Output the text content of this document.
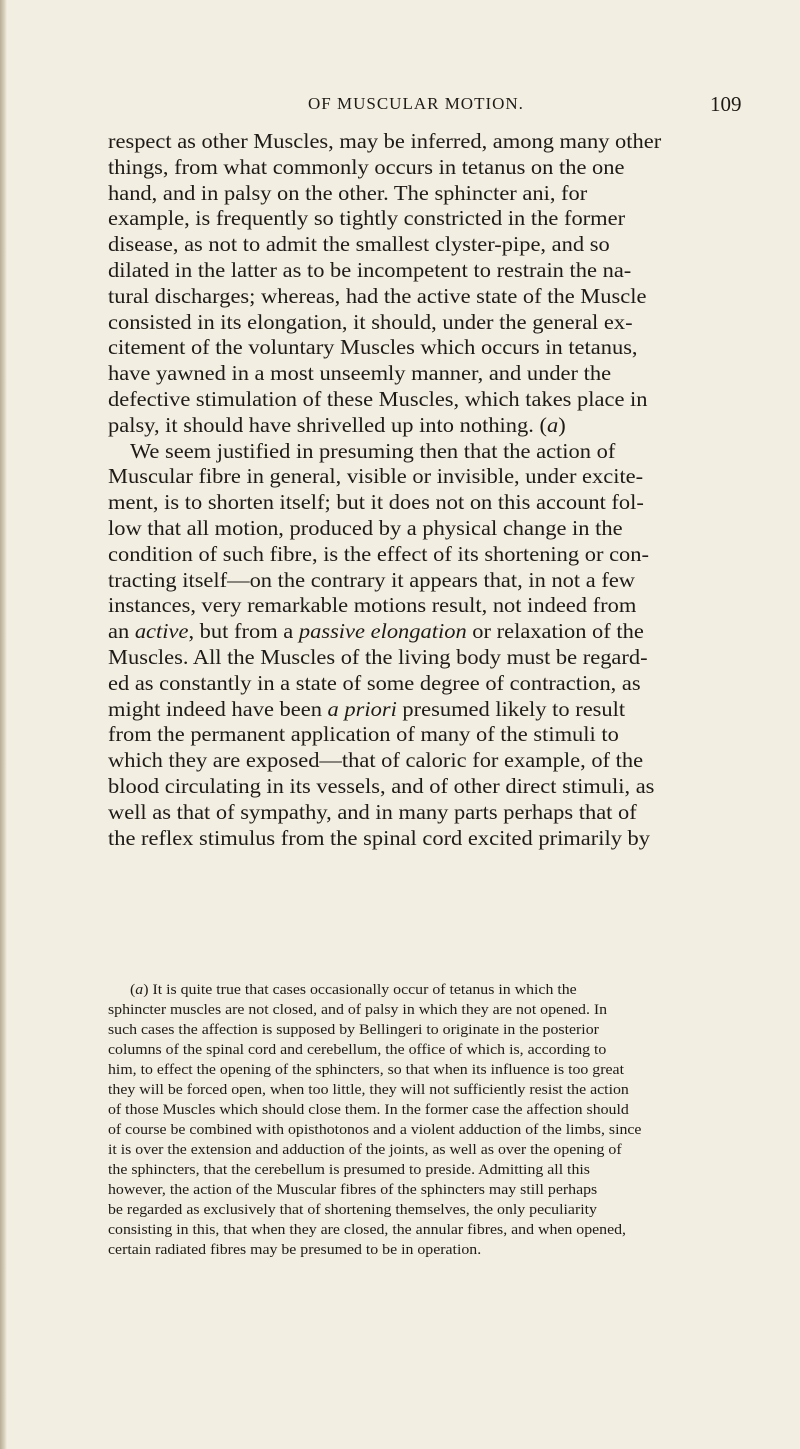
OF MUSCULAR MOTION.	109
respect as other Muscles, may be inferred, among many other
things, from what commonly occurs in tetanus on the one
hand, and in palsy on the other. The sphincter ani, for
example, is frequently so tightly constricted in the former
disease, as not to admit the smallest clyster-pipe, and so
dilated in the latter as to be incompetent to restrain the na-
tural discharges; whereas, had the active state of the Muscle
consisted in its elongation, it should, under the general ex-
citement of the voluntary Muscles which occurs in tetanus,
have yawned in a most unseemly manner, and under the
defective stimulation of these Muscles, which takes place in
palsy, it should have shrivelled up into nothing. (a)
We seem justified in presuming then that the action of
Muscular fibre in general, visible or invisible, under excite-
ment, is to shorten itself; but it does not on this account fol-
low that all motion, produced by a physical change in the
condition of such fibre, is the effect of its shortening or con-
tracting itself—on the contrary it appears that, in not a few
instances, very remarkable motions result, not indeed from
an active, but from a passive elongation or relaxation of the
Muscles. All the Muscles of the living body must be regard-
ed as constantly in a state of some degree of contraction, as
might indeed have been a priori presumed likely to result
from the permanent application of many of the stimuli to
which they are exposed—that of caloric for example, of the
blood circulating in its vessels, and of other direct stimuli, as
well as that of sympathy, and in many parts perhaps that of
the reflex stimulus from the spinal cord excited primarily by
(a) It is quite true that cases occasionally occur of tetanus in which the
sphincter muscles are not closed, and of palsy in which they are not opened. In
such cases the affection is supposed by Bellingeri to originate in the posterior
columns of the spinal cord and cerebellum, the office of which is, according to
him, to effect the opening of the sphincters, so that when its influence is too great
they will be forced open, when too little, they will not sufficiently resist the action
of those Muscles which should close them. In the former case the affection should
of course be combined with opisthotonos and a violent adduction of the limbs, since
it is over the extension and adduction of the joints, as well as over the opening of
the sphincters, that the cerebellum is presumed to preside. Admitting all this
however, the action of the Muscular fibres of the sphincters may still perhaps
be regarded as exclusively that of shortening themselves, the only peculiarity
consisting in this, that when they are closed, the annular fibres, and when opened,
certain radiated fibres may be presumed to be in operation.
